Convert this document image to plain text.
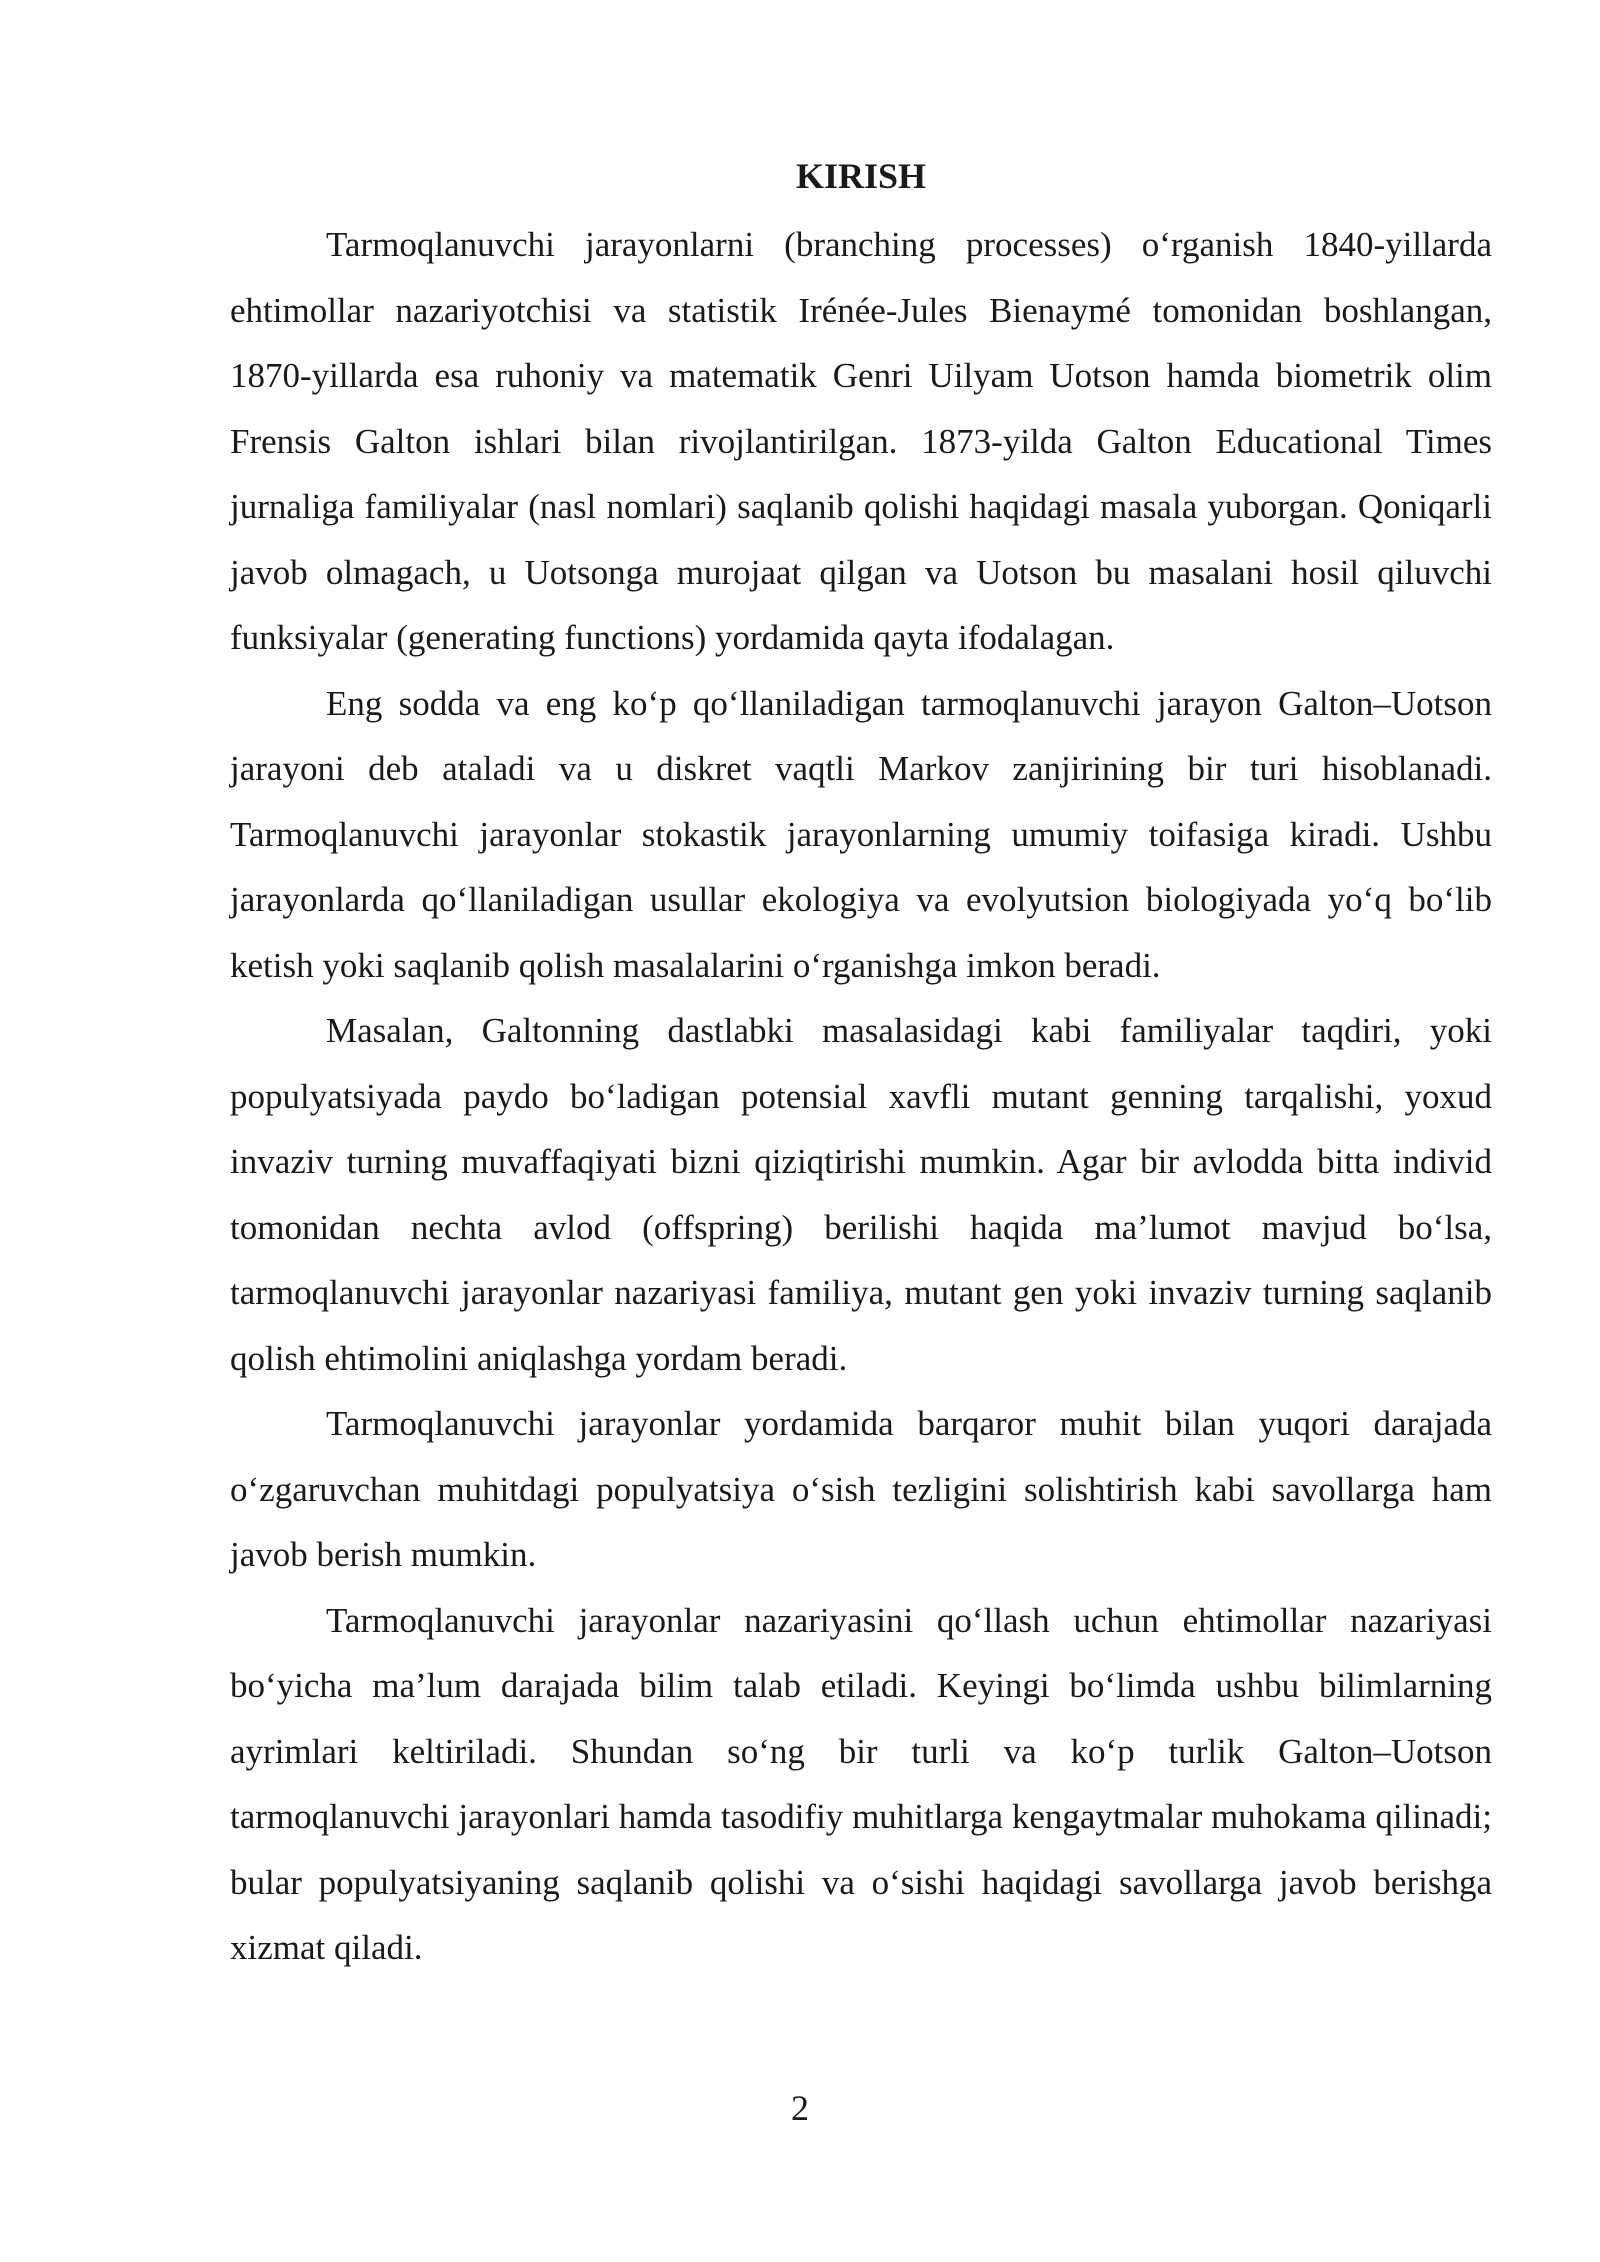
KIRISH

Tarmoqlanuvchi jarayonlarni (branching processes) o‘rganish 1840-yillarda ehtimollar nazariyotchisi va statistik Irénée-Jules Bienaymé tomonidan boshlangan, 1870-yillarda esa ruhoniy va matematik Genri Uilyam Uotson hamda biometrik olim Frensis Galton ishlari bilan rivojlantirilgan. 1873-yilda Galton Educational Times jurnaliga familiyalar (nasl nomlari) saqlanib qolishi haqidagi masala yuborgan. Qoniqarli javob olmagach, u Uotsonga murojaat qilgan va Uotson bu masalani hosil qiluvchi funksiyalar (generating functions) yordamida qayta ifodalagan.

Eng sodda va eng ko‘p qo‘llaniladigan tarmoqlanuvchi jarayon Galton–Uotson jarayoni deb ataladi va u diskret vaqtli Markov zanjirining bir turi hisoblanadi. Tarmoqlanuvchi jarayonlar stokastik jarayonlarning umumiy toifasiga kiradi. Ushbu jarayonlarda qo‘llaniladigan usullar ekologiya va evolyutsion biologiyada yo‘q bo‘lib ketish yoki saqlanib qolish masalalarini o‘rganishga imkon beradi.

Masalan, Galtonning dastlabki masalasidagi kabi familiyalar taqdiri, yoki populyatsiyada paydo bo‘ladigan potensial xavfli mutant genning tarqalishi, yoxud invaziv turning muvaffaqiyati bizni qiziqtirishi mumkin. Agar bir avlodda bitta individ tomonidan nechta avlod (offspring) berilishi haqida ma’lumot mavjud bo‘lsa, tarmoqlanuvchi jarayonlar nazariyasi familiya, mutant gen yoki invaziv turning saqlanib qolish ehtimolini aniqlashga yordam beradi.

Tarmoqlanuvchi jarayonlar yordamida barqaror muhit bilan yuqori darajada o‘zgaruvchan muhitdagi populyatsiya o‘sish tezligini solishtirish kabi savollarga ham javob berish mumkin.

Tarmoqlanuvchi jarayonlar nazariyasini qo‘llash uchun ehtimollar nazariyasi bo‘yicha ma’lum darajada bilim talab etiladi. Keyingi bo‘limda ushbu bilimlarning ayrimlari keltiriladi. Shundan so‘ng bir turli va ko‘p turlik Galton–Uotson tarmoqlanuvchi jarayonlari hamda tasodifiy muhitlarga kengaytmalar muhokama qilinadi; bular populyatsiyaning saqlanib qolishi va o‘sishi haqidagi savollarga javob berishga xizmat qiladi.

2
